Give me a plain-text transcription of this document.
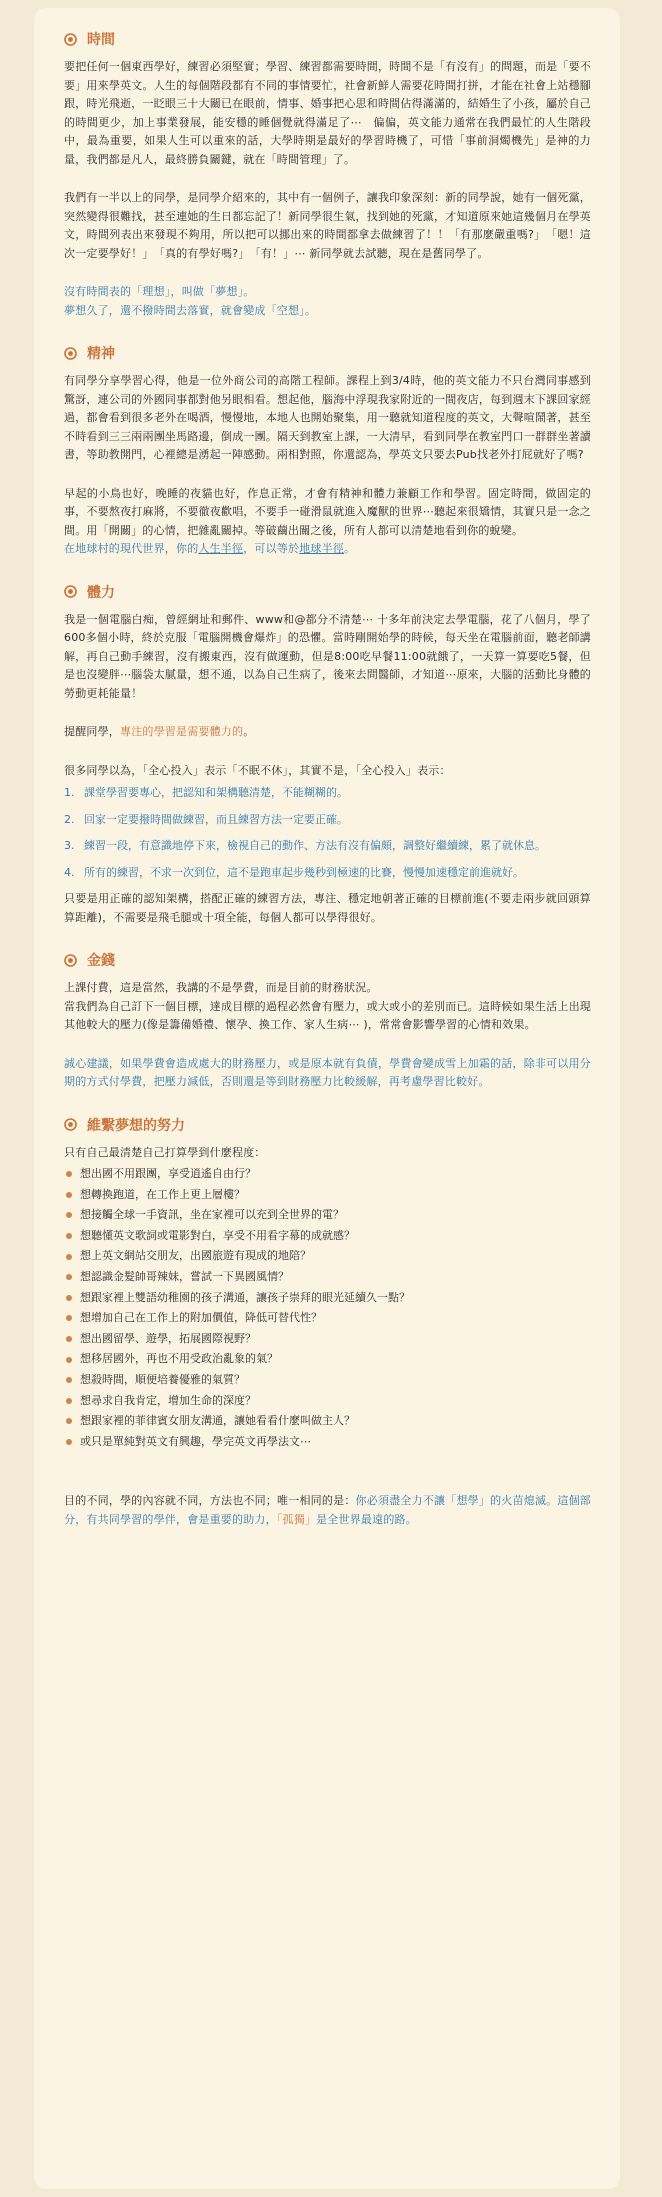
時間

要把任何一個東西學好，練習必須堅實；學習、練習都需要時間，時間不是「有沒有」的問題，而是「要不要」用來學英文。人生的每個階段都有不同的事情要忙，社會新鮮人需要花時間打拼，才能在社會上站穩腳跟，時光飛逝，一眨眼三十大關已在眼前，情事、婚事把心思和時間佔得滿滿的，結婚生了小孩，屬於自己的時間更少，加上事業發展，能安穩的睡個覺就得滿足了⋯　偏偏，英文能力通常在我們最忙的人生階段中，最為重要，如果人生可以重來的話，大學時期是最好的學習時機了，可惜「事前洞燭機先」是神的力量，我們都是凡人，最終勝負關鍵，就在「時間管理」了。

我們有一半以上的同學，是同學介紹來的，其中有一個例子，讓我印象深刻：新的同學說，她有一個死黨，突然變得很難找，甚至連她的生日都忘記了！新同學很生氣，找到她的死黨，才知道原來她這幾個月在學英文，時間列表出來發現不夠用，所以把可以挪出來的時間都拿去做練習了！！「有那麼嚴重嗎?」　「嗯！這次一定要學好！」　「真的有學好嗎?」　「有！」⋯ 新同學就去試聽，現在是舊同學了。

沒有時間表的「理想」，叫做「夢想」。

夢想久了，還不撥時間去落實，就會變成「空想」。

精神

有同學分享學習心得，他是一位外商公司的高階工程師。課程上到3/4時，他的英文能力不只台灣同事感到驚訝，連公司的外國同事都對他另眼相看。想起他，腦海中浮現我家附近的一間夜店，每到週末下課回家經過，都會看到很多老外在喝酒，慢慢地，本地人也開始聚集，用一聽就知道程度的英文，大聲喧鬧著，甚至不時看到三三兩兩團坐馬路邊，倒成一團。隔天到教室上課，一大清早，看到同學在教室門口一群群坐著讀書，等助教開門，心裡總是湧起一陣感動。兩相對照，你還認為，學英文只要去Pub找老外打屁就好了嗎?

早起的小鳥也好，晚睡的夜貓也好，作息正常，才會有精神和體力兼顧工作和學習。固定時間，做固定的事，不要熬夜打麻將，不要徹夜歡唱，不要手一碰滑鼠就進入魔獸的世界⋯聽起來很矯情，其實只是一念之間。用「開關」的心情，把雜亂關掉。等破繭出關之後，所有人都可以清楚地看到你的蛻變。

在地球村的現代世界，你的人生半徑，可以等於地球半徑。

體力

我是一個電腦白痴，曾經網址和郵件、www和@都分不清楚⋯ 十多年前決定去學電腦，花了八個月，學了600多個小時，終於克服「電腦開機會爆炸」的恐懼。當時剛開始學的時候，每天坐在電腦前面，聽老師講解，再自己動手練習，沒有搬東西，沒有做運動，但是8:00吃早餐11:00就餓了，一天算一算要吃5餐，但是也沒變胖⋯腦袋太膩量，想不通，以為自己生病了，後來去問醫師，才知道⋯原來，大腦的活動比身體的勞動更耗能量！

提醒同學，專注的學習是需要體力的。

很多同學以為，「全心投入」表示「不眠不休」，其實不是，「全心投入」表示：

1. 課堂學習要專心，把認知和架構聽清楚，不能糊糊的。
2. 回家一定要撥時間做練習，而且練習方法一定要正確。
3. 練習一段，有意識地停下來，檢視自己的動作、方法有沒有偏頗，調整好繼續練，累了就休息。
4. 所有的練習，不求一次到位，這不是跑車起步幾秒到極速的比賽，慢慢加速穩定前進就好。

只要是用正確的認知架構，搭配正確的練習方法，專注、穩定地朝著正確的目標前進(不要走兩步就回頭算算距離)，不需要是飛毛腿或十項全能，每個人都可以學得很好。

金錢

上課付費，這是當然，我講的不是學費，而是目前的財務狀況。

當我們為自己訂下一個目標，達成目標的過程必然會有壓力，或大或小的差別而已。這時候如果生活上出現其他較大的壓力(像是籌備婚禮、懷孕、換工作、家人生病⋯ )，常常會影響學習的心情和效果。

誠心建議，如果學費會造成處大的財務壓力，或是原本就有負債，學費會變成雪上加霜的話，除非可以用分期的方式付學費，把壓力減低，否則還是等到財務壓力比較緩解，再考慮學習比較好。

維繫夢想的努力

只有自己最清楚自己打算學到什麼程度：

想出國不用跟團，享受逍遙自由行？
想轉換跑道，在工作上更上層樓？
想接觸全球一手資訊，坐在家裡可以充到全世界的電？
想聽懂英文歌詞或電影對白，享受不用看字幕的成就感？
想上英文網站交朋友，出國旅遊有現成的地陪？
想認識金髮帥哥辣妹，嘗試一下異國風情？
想跟家裡上雙語幼稚園的孩子溝通，讓孩子崇拜的眼光延續久一點？
想增加自己在工作上的附加價值，降低可替代性？
想出國留學、遊學，拓展國際視野？
想移居國外，再也不用受政治亂象的氣？
想殺時間，順便培養優雅的氣質？
想尋求自我肯定，增加生命的深度？
想跟家裡的菲律賓女朋友溝通，讓她看看什麼叫做主人？
或只是單純對英文有興趣，學完英文再學法文⋯

目的不同，學的內容就不同，方法也不同；唯一相同的是：你必須盡全力不讓「想學」的火苗熄滅。這個部分，有共同學習的學伴，會是重要的助力，「孤獨」是全世界最遠的路。
